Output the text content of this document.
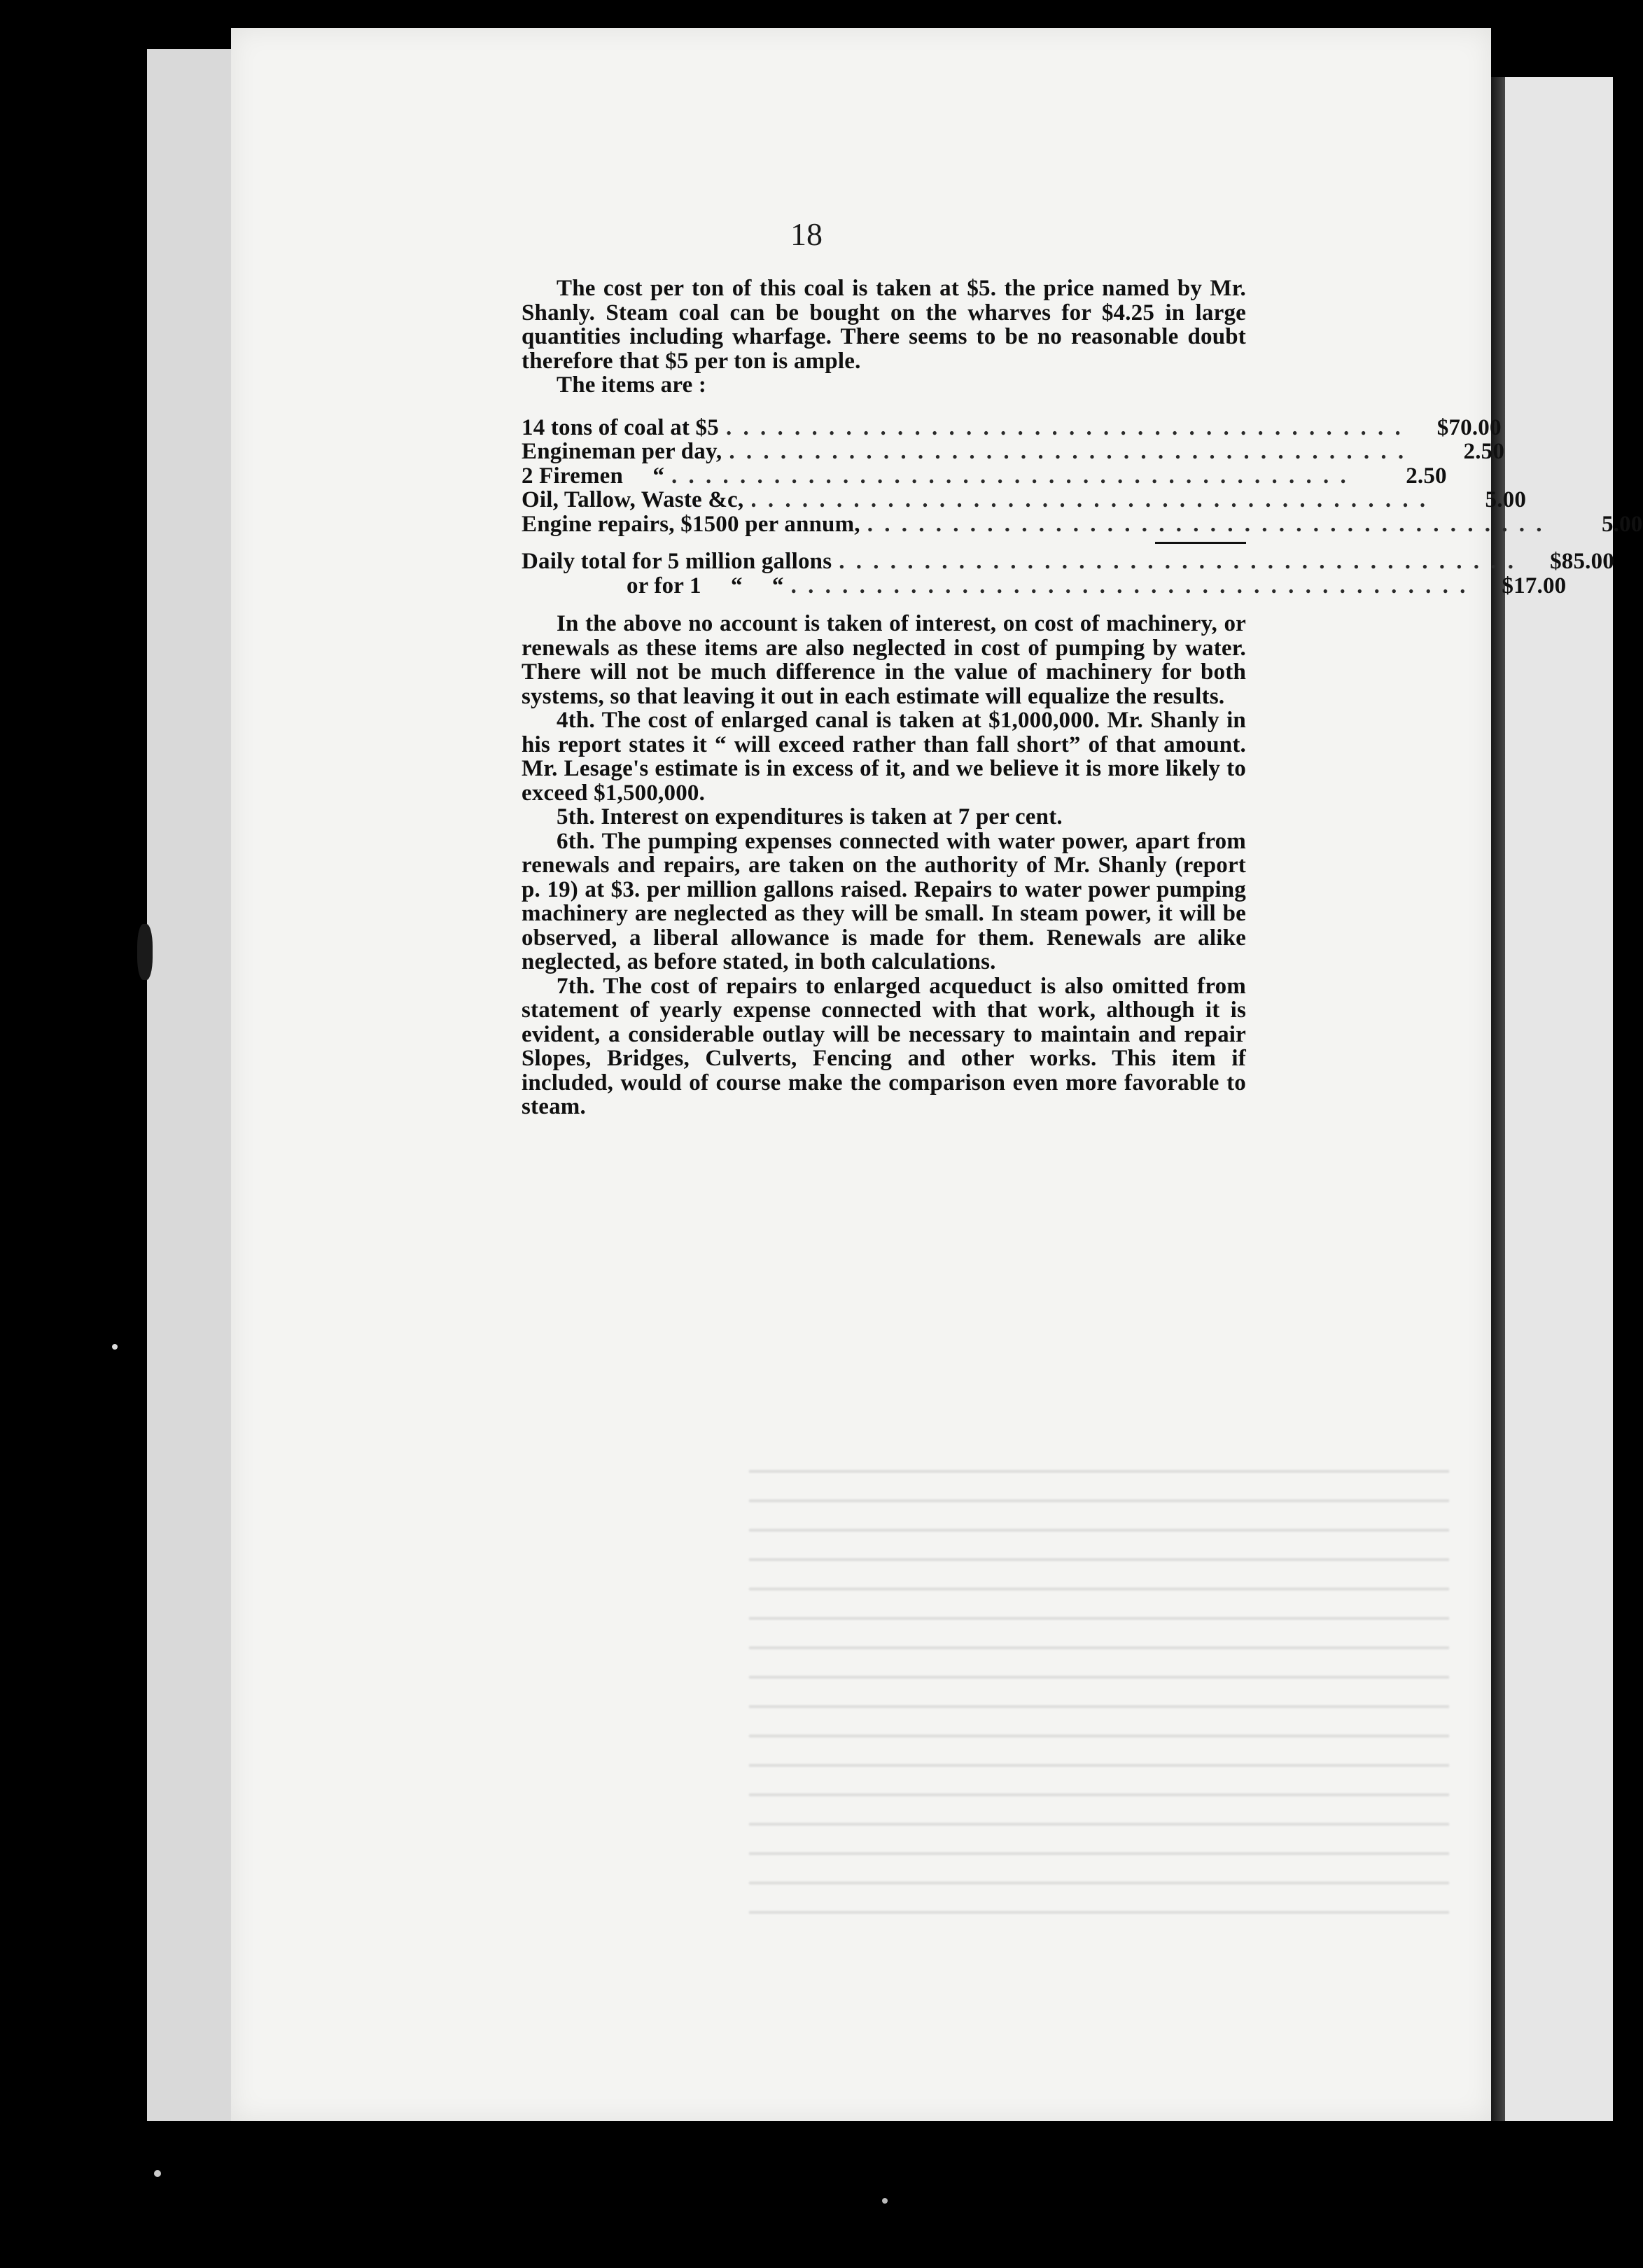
18

The cost per ton of this coal is taken at $5. the price named by Mr. Shanly. Steam coal can be bought on the wharves for $4.25 in large quantities including wharfage. There seems to be no reasonable doubt therefore that $5 per ton is ample.

The items are :

14 tons of coal at $5 . . . . . . . . . . . . . . . . . . . . . . . . . . . . . . . . . . . . . . . .	$70.00
Engineman per day, . . . . . . . . . . . . . . . . . . . . . . . . . . . . . . . . . . . . . . . .	2.50
2 Firemen     “ . . . . . . . . . . . . . . . . . . . . . . . . . . . . . . . . . . . . . . . .	2.50
Oil, Tallow, Waste &c, . . . . . . . . . . . . . . . . . . . . . . . . . . . . . . . . . . . . . . . .	5.00
Engine repairs, $1500 per annum, . . . . . . . . . . . . . . . . . . . . . . . . . . . . . . . . . . . . . . . .	5.00
Daily total for 5 million gallons . . . . . . . . . . . . . . . . . . . . . . . . . . . . . . . . . . . . . . . .	$85.00
or for 1     “     “ . . . . . . . . . . . . . . . . . . . . . . . . . . . . . . . . . . . . . . . .	$17.00

In the above no account is taken of interest, on cost of machinery, or renewals as these items are also neglected in cost of pumping by water. There will not be much difference in the value of machinery for both systems, so that leaving it out in each estimate will equalize the results.

4th. The cost of enlarged canal is taken at $1,000,000. Mr. Shanly in his report states it “ will exceed rather than fall short” of that amount. Mr. Lesage's estimate is in excess of it, and we believe it is more likely to exceed $1,500,000.

5th. Interest on expenditures is taken at 7 per cent.

6th. The pumping expenses connected with water power, apart from renewals and repairs, are taken on the authority of Mr. Shanly (report p. 19) at $3. per million gallons raised. Repairs to water power pumping machinery are neglected as they will be small. In steam power, it will be observed, a liberal allowance is made for them. Renewals are alike neglected, as before stated, in both calculations.

7th. The cost of repairs to enlarged acqueduct is also omitted from statement of yearly expense connected with that work, although it is evident, a considerable outlay will be necessary to maintain and repair Slopes, Bridges, Culverts, Fencing and other works. This item if included, would of course make the comparison even more favorable to steam.
